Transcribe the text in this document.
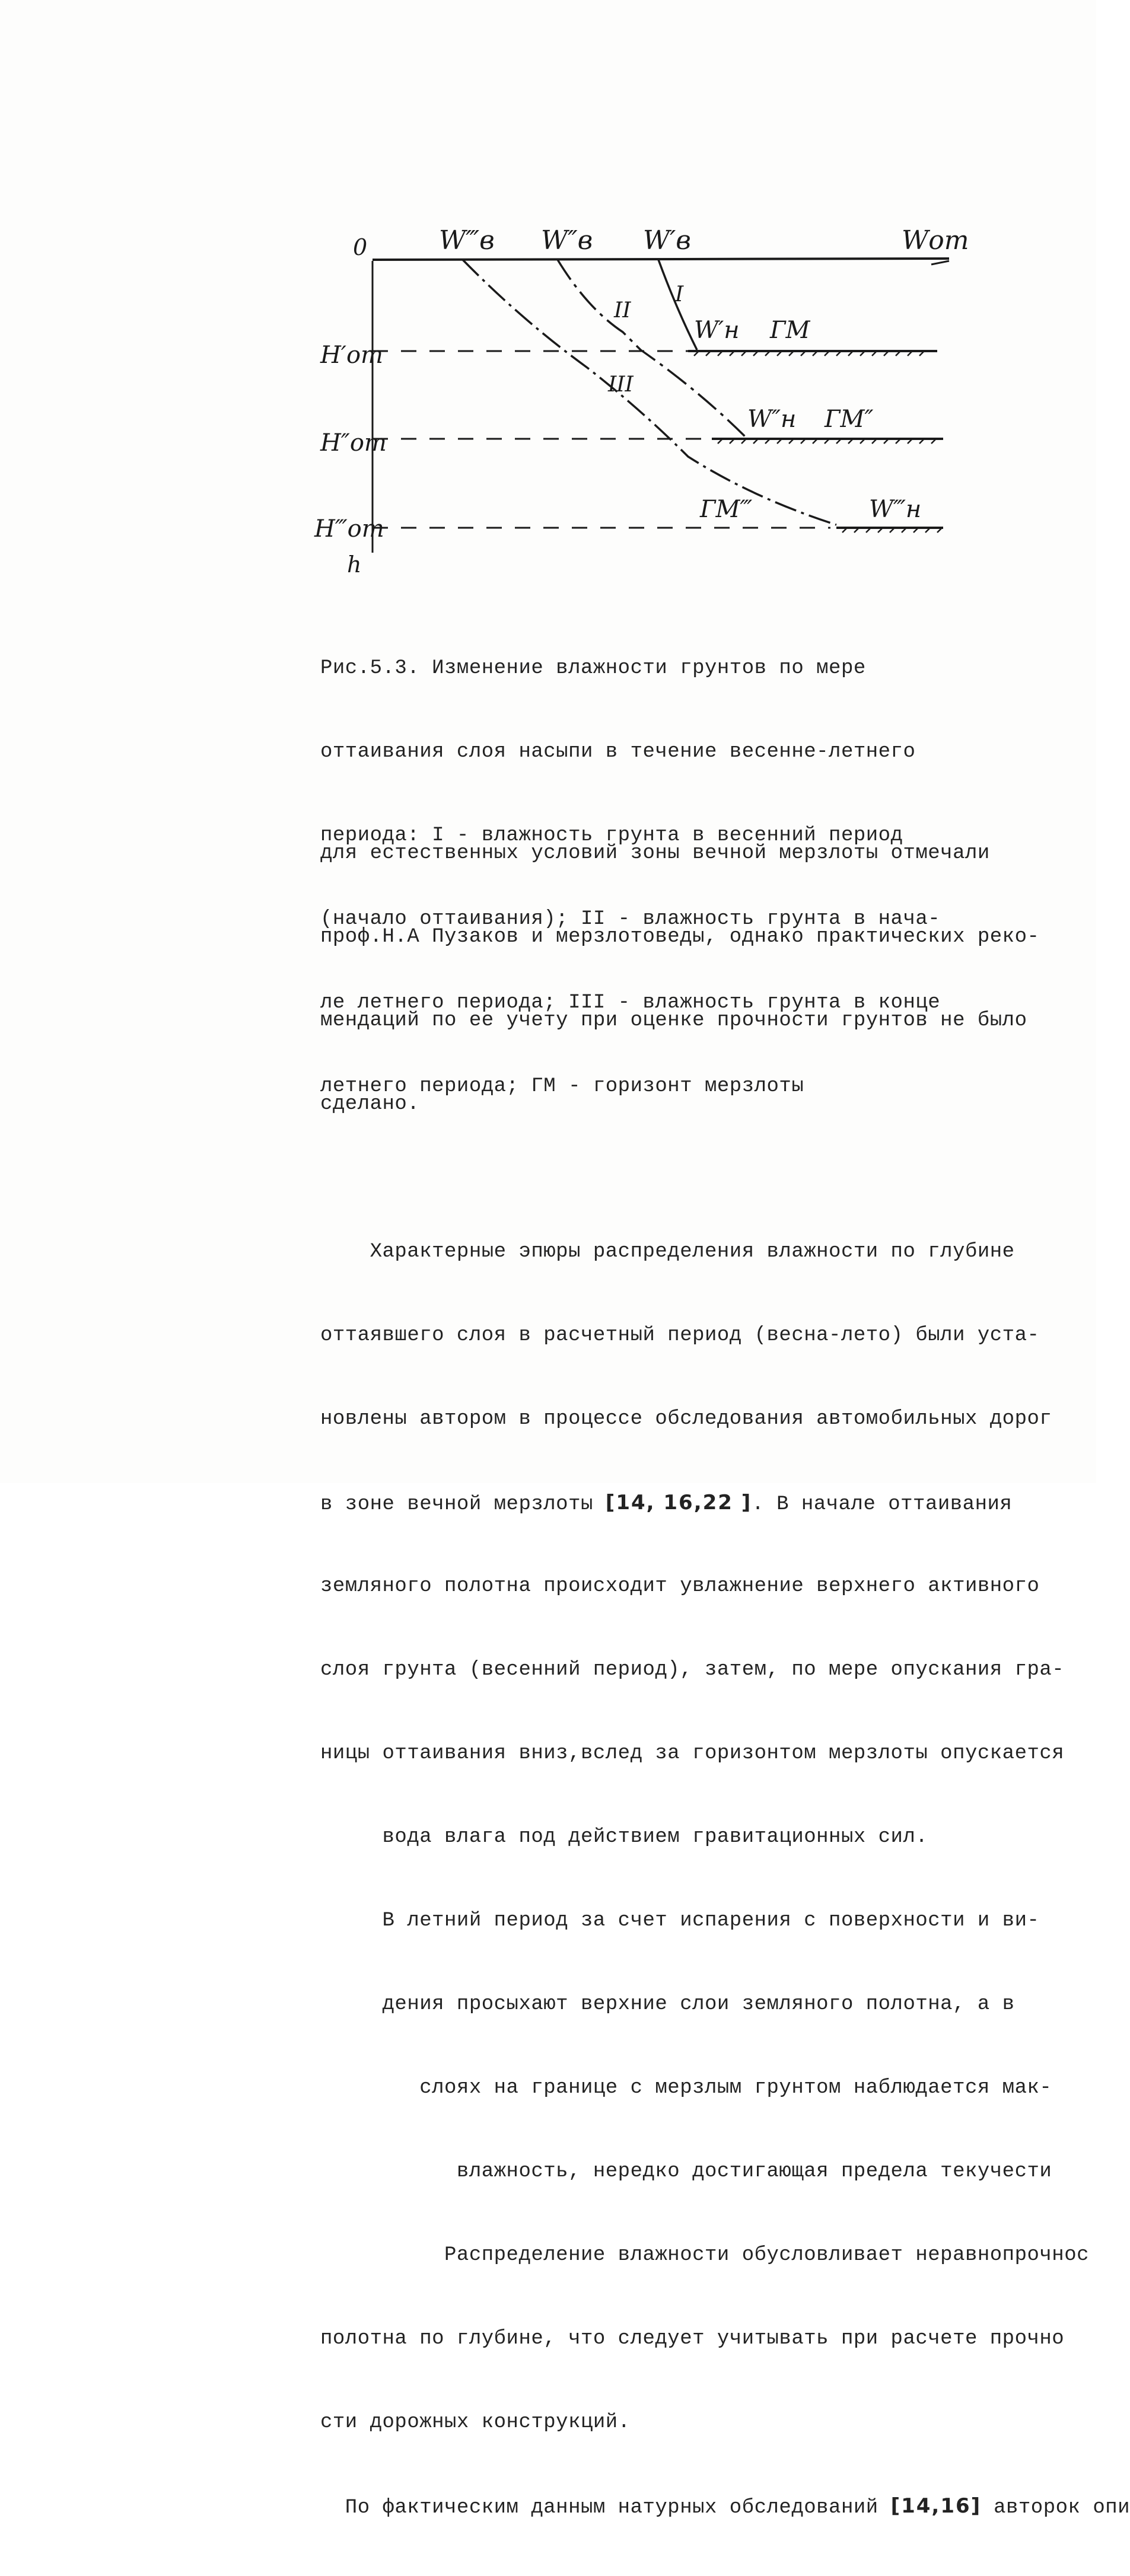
0	W‴в W″в W′в	Wот
H′от
H″от
H‴от
h
I
II
III
W′н ГМ
W″н ГМ″
ГМ‴	W‴н

Рис.5.3. Изменение влажности грунтов по мере

оттаивания слоя насыпи в течение весенне-летнего

периода: I - влажность грунта в весенний период

(начало оттаивания); II - влажность грунта в нача-

ле летнего периода; III - влажность грунта в конце

летнего периода; ГМ - горизонт мерзлоты

для естественных условий зоны вечной мерзлоты отмечали

проф.Н.А Пузаков и мерзлотоведы, однако практических реко-

мендаций по ее учету при оценке прочности грунтов не было

сделано.

Характерные эпюры распределения влажности по глубине

оттаявшего слоя в расчетный период (весна-лето) были уста-

новлены автором в процессе обследования автомобильных дорог

в зоне вечной мерзлоты [14, 16,22 ]. В начале оттаивания

земляного полотна происходит увлажнение верхнего активного

слоя грунта (весенний период), затем, по мере опускания гра-

ницы оттаивания вниз,вслед за горизонтом мерзлоты опускается

вода влага под действием гравитационных сил.

В летний период за счет испарения с поверхности и ви-

дения просыхают верхние слои земляного полотна, а в

слоях на границе с мерзлым грунтом наблюдается мак-

влажность, нередко достигающая предела текучести

Распределение влажности обусловливает неравнопрочнос

полотна по глубине, что следует учитывать при расчете прочно

сти дорожных конструкций.

По фактическим данным натурных обследований [14,16] авторок опи
